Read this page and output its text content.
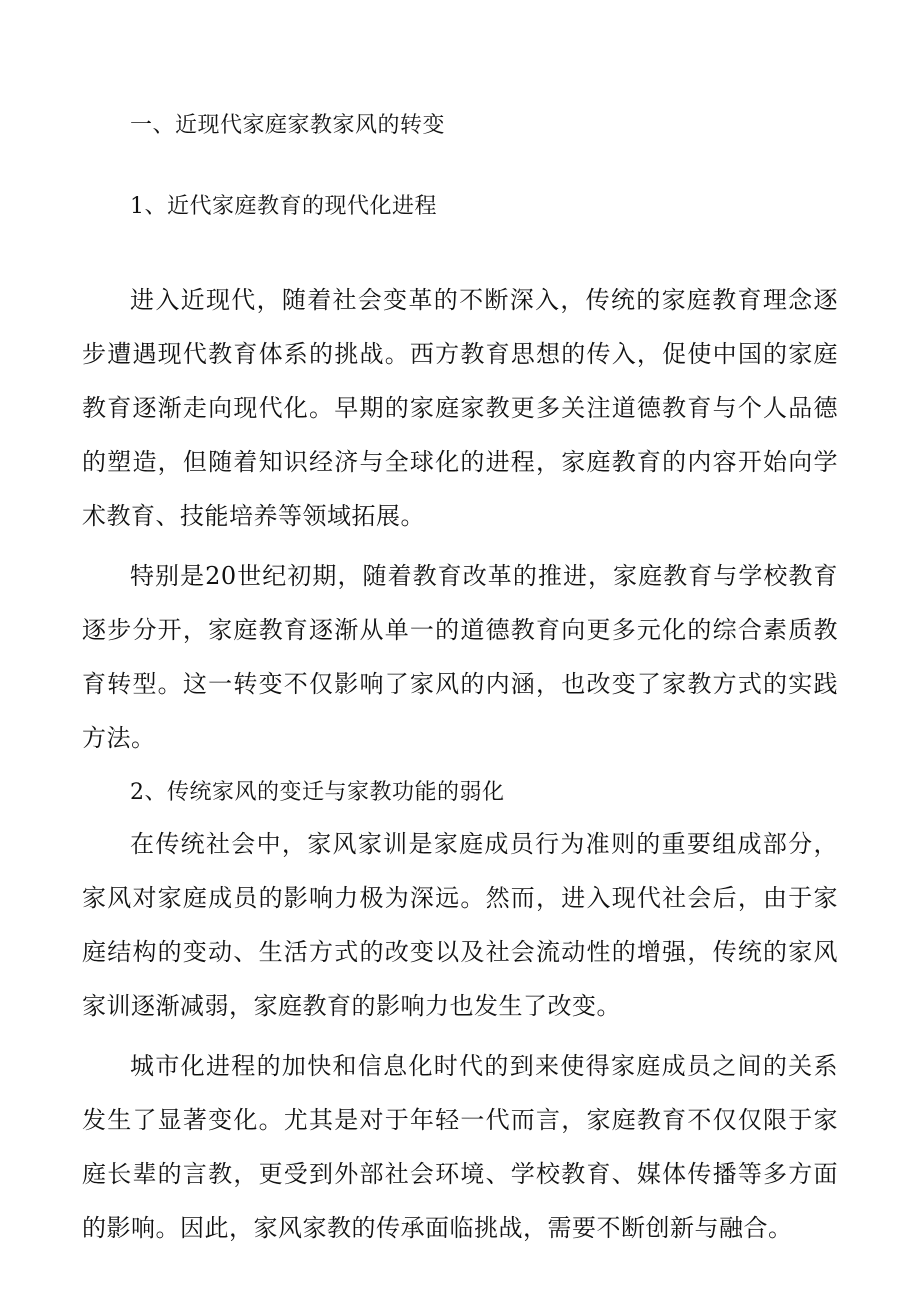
一、近现代家庭家教家风的转变

1、近代家庭教育的现代化进程

进入近现代，随着社会变革的不断深入，传统的家庭教育理念逐步遭遇现代教育体系的挑战。西方教育思想的传入，促使中国的家庭教育逐渐走向现代化。早期的家庭家教更多关注道德教育与个人品德的塑造，但随着知识经济与全球化的进程，家庭教育的内容开始向学术教育、技能培养等领域拓展。

特别是20世纪初期，随着教育改革的推进，家庭教育与学校教育逐步分开，家庭教育逐渐从单一的道德教育向更多元化的综合素质教育转型。这一转变不仅影响了家风的内涵，也改变了家教方式的实践方法。

2、传统家风的变迁与家教功能的弱化

在传统社会中，家风家训是家庭成员行为准则的重要组成部分，家风对家庭成员的影响力极为深远。然而，进入现代社会后，由于家庭结构的变动、生活方式的改变以及社会流动性的增强，传统的家风家训逐渐减弱，家庭教育的影响力也发生了改变。

城市化进程的加快和信息化时代的到来使得家庭成员之间的关系发生了显著变化。尤其是对于年轻一代而言，家庭教育不仅仅限于家庭长辈的言教，更受到外部社会环境、学校教育、媒体传播等多方面的影响。因此，家风家教的传承面临挑战，需要不断创新与融合。
